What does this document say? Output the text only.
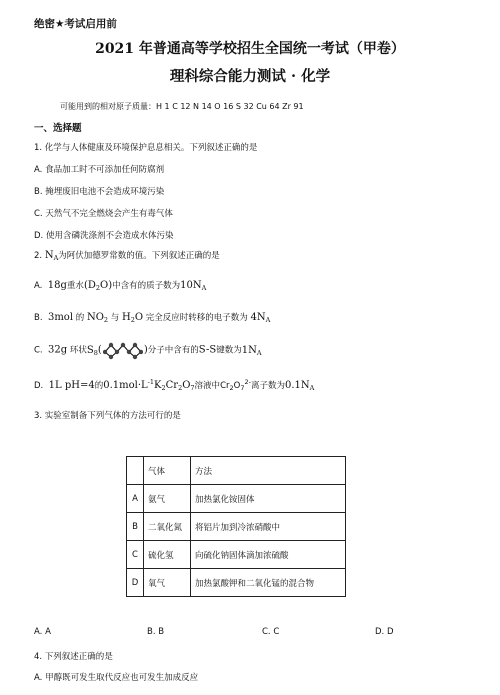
绝密★考试启用前
2021 年普通高等学校招生全国统一考试（甲卷）
理科综合能力测试 · 化学
可能用到的相对原子质量：H 1 C 12 N 14 O 16 S 32 Cu 64 Zr 91
一、选择题
1. 化学与人体健康及环境保护息息相关。下列叙述正确的是
A. 食品加工时不可添加任何防腐剂
B. 掩埋废旧电池不会造成环境污染
C. 天然气不完全燃烧会产生有毒气体
D. 使用含磷洗涤剂不会造成水体污染
2. $N_A$为阿伏加德罗常数的值。下列叙述正确的是
A. 18g重水$(D_2O)$中含有的质子数为$10N_A$
B. 3mol 的 $NO_2$ 与 $H_2O$ 完全反应时转移的电子数为 $4N_A$
C. 32g 环状$S_8$(	)分子中含有的S-S键数为$1N_A$
D. 1L pH=4的$0.1mol\cdot L^{-1}K_2Cr_2O_7$溶液中$Cr_2O_7^{2-}$离子数为$0.1N_A$
3. 实验室制备下列气体的方法可行的是
	气体	方法
A	氨气	加热氯化铵固体
B	二氧化氮	将铝片加到冷浓硝酸中
C	硫化氢	向硫化钠固体滴加浓硫酸
D	氧气	加热氯酸钾和二氧化锰的混合物
A. A	B. B	C. C	D. D
4. 下列叙述正确的是
A. 甲醇既可发生取代反应也可发生加成反应
